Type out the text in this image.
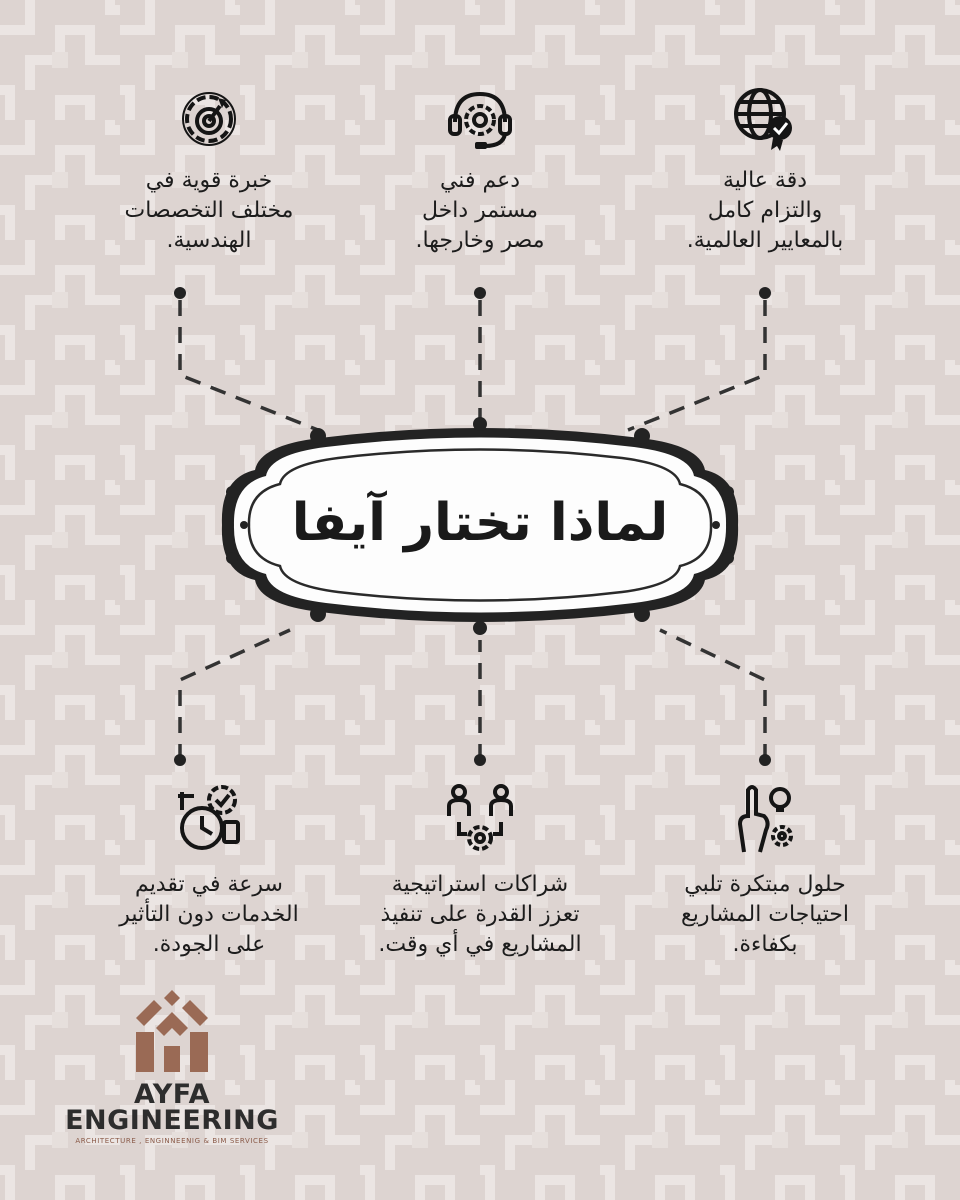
لماذا تختار آيفا

دقة عالية
والتزام كامل
بالمعايير العالمية.

دعم فني
مستمر داخل
مصر وخارجها.

خبرة قوية في
مختلف التخصصات
الهندسية.

حلول مبتكرة تلبي
احتياجات المشاريع
بكفاءة.

شراكات استراتيجية
تعزز القدرة على تنفيذ
المشاريع في أي وقت.

سرعة في تقديم
الخدمات دون التأثير
على الجودة.

AYFA
ENGINEERING
ARCHITECTURE , ENGINNEENIG & BIM SERVICES
